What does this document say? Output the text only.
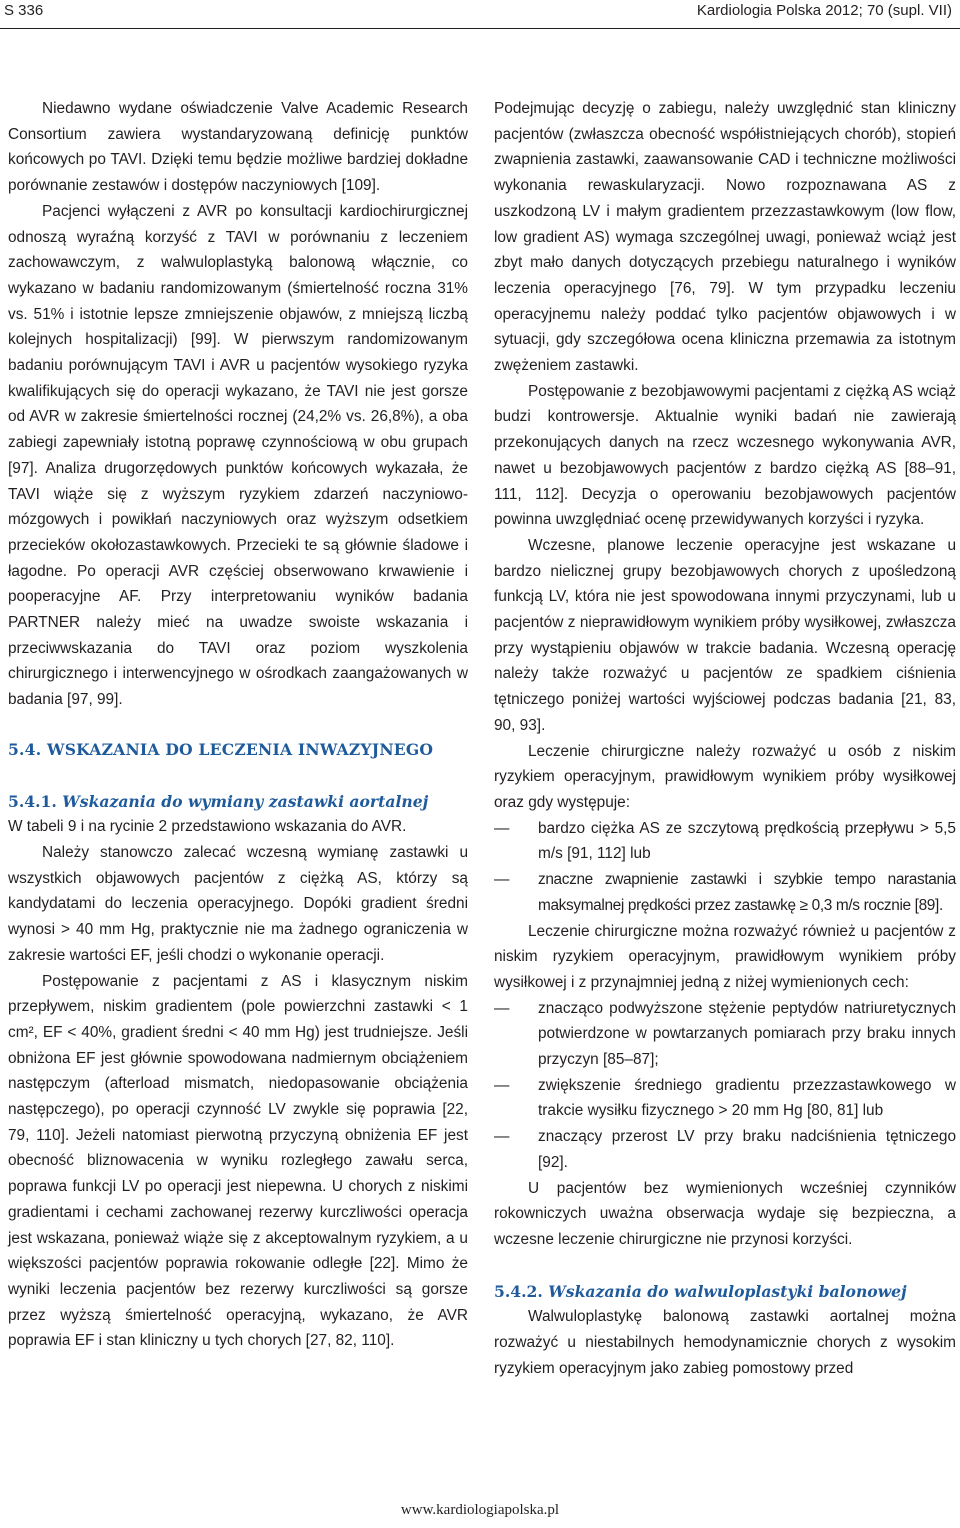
S 336	Kardiologia Polska 2012; 70 (supl. VII)

Niedawno wydane oświadczenie Valve Academic Research Consortium zawiera wystandaryzowaną definicję punktów końcowych po TAVI. Dzięki temu będzie możliwe bardziej dokładne porównanie zestawów i dostępów naczyniowych [109].

Pacjenci wyłączeni z AVR po konsultacji kardiochirurgicznej odnoszą wyraźną korzyść z TAVI w porównaniu z leczeniem zachowawczym, z walwuloplastyką balonową włącznie, co wykazano w badaniu randomizowanym (śmiertelność roczna 31% vs. 51% i istotnie lepsze zmniejszenie objawów, z mniejszą liczbą kolejnych hospitalizacji) [99]. W pierwszym randomizowanym badaniu porównującym TAVI i AVR u pacjentów wysokiego ryzyka kwalifikujących się do operacji wykazano, że TAVI nie jest gorsze od AVR w zakresie śmiertelności rocznej (24,2% vs. 26,8%), a oba zabiegi zapewniały istotną poprawę czynnościową w obu grupach [97]. Analiza drugorzędowych punktów końcowych wykazała, że TAVI wiąże się z wyższym ryzykiem zdarzeń naczyniowo-mózgowych i powikłań naczyniowych oraz wyższym odsetkiem przecieków okołozastawkowych. Przecieki te są głównie śladowe i łagodne. Po operacji AVR częściej obserwowano krwawienie i pooperacyjne AF. Przy interpretowaniu wyników badania PARTNER należy mieć na uwadze swoiste wskazania i przeciwwskazania do TAVI oraz poziom wyszkolenia chirurgicznego i interwencyjnego w ośrodkach zaangażowanych w badania [97, 99].

5.4. WSKAZANIA DO LECZENIA INWAZYJNEGO

5.4.1. Wskazania do wymiany zastawki aortalnej

W tabeli 9 i na rycinie 2 przedstawiono wskazania do AVR.

Należy stanowczo zalecać wczesną wymianę zastawki u wszystkich objawowych pacjentów z ciężką AS, którzy są kandydatami do leczenia operacyjnego. Dopóki gradient średni wynosi > 40 mm Hg, praktycznie nie ma żadnego ograniczenia w zakresie wartości EF, jeśli chodzi o wykonanie operacji.

Postępowanie z pacjentami z AS i klasycznym niskim przepływem, niskim gradientem (pole powierzchni zastawki < 1 cm², EF < 40%, gradient średni < 40 mm Hg) jest trudniejsze. Jeśli obniżona EF jest głównie spowodowana nadmiernym obciążeniem następczym (afterload mismatch, niedopasowanie obciążenia następczego), po operacji czynność LV zwykle się poprawia [22, 79, 110]. Jeżeli natomiast pierwotną przyczyną obniżenia EF jest obecność bliznowacenia w wyniku rozległego zawału serca, poprawa funkcji LV po operacji jest niepewna. U chorych z niskimi gradientami i cechami zachowanej rezerwy kurczliwości operacja jest wskazana, ponieważ wiąże się z akceptowalnym ryzykiem, a u większości pacjentów poprawia rokowanie odległe [22]. Mimo że wyniki leczenia pacjentów bez rezerwy kurczliwości są gorsze przez wyższą śmiertelność operacyjną, wykazano, że AVR poprawia EF i stan kliniczny u tych chorych [27, 82, 110].

Podejmując decyzję o zabiegu, należy uwzględnić stan kliniczny pacjentów (zwłaszcza obecność współistniejących chorób), stopień zwapnienia zastawki, zaawansowanie CAD i techniczne możliwości wykonania rewaskularyzacji. Nowo rozpoznawana AS z uszkodzoną LV i małym gradientem przezzastawkowym (low flow, low gradient AS) wymaga szczególnej uwagi, ponieważ wciąż jest zbyt mało danych dotyczących przebiegu naturalnego i wyników leczenia operacyjnego [76, 79]. W tym przypadku leczeniu operacyjnemu należy poddać tylko pacjentów objawowych i w sytuacji, gdy szczegółowa ocena kliniczna przemawia za istotnym zwężeniem zastawki.

Postępowanie z bezobjawowymi pacjentami z ciężką AS wciąż budzi kontrowersje. Aktualnie wyniki badań nie zawierają przekonujących danych na rzecz wczesnego wykonywania AVR, nawet u bezobjawowych pacjentów z bardzo ciężką AS [88–91, 111, 112]. Decyzja o operowaniu bezobjawowych pacjentów powinna uwzględniać ocenę przewidywanych korzyści i ryzyka.

Wczesne, planowe leczenie operacyjne jest wskazane u bardzo nielicznej grupy bezobjawowych chorych z upośledzoną funkcją LV, która nie jest spowodowana innymi przyczynami, lub u pacjentów z nieprawidłowym wynikiem próby wysiłkowej, zwłaszcza przy wystąpieniu objawów w trakcie badania. Wczesną operację należy także rozważyć u pacjentów ze spadkiem ciśnienia tętniczego poniżej wartości wyjściowej podczas badania [21, 83, 90, 93].

Leczenie chirurgiczne należy rozważyć u osób z niskim ryzykiem operacyjnym, prawidłowym wynikiem próby wysiłkowej oraz gdy występuje:

—	bardzo ciężka AS ze szczytową prędkością przepływu > 5,5 m/s [91, 112] lub
—	znaczne zwapnienie zastawki i szybkie tempo narastania maksymalnej prędkości przez zastawkę ≥ 0,3 m/s rocznie [89].

Leczenie chirurgiczne można rozważyć również u pacjentów z niskim ryzykiem operacyjnym, prawidłowym wynikiem próby wysiłkowej i z przynajmniej jedną z niżej wymienionych cech:

—	znacząco podwyższone stężenie peptydów natriuretycznych potwierdzone w powtarzanych pomiarach przy braku innych przyczyn [85–87];
—	zwiększenie średniego gradientu przezzastawkowego w trakcie wysiłku fizycznego > 20 mm Hg [80, 81] lub
—	znaczący przerost LV przy braku nadciśnienia tętniczego [92].

U pacjentów bez wymienionych wcześniej czynników rokowniczych uważna obserwacja wydaje się bezpieczna, a wczesne leczenie chirurgiczne nie przynosi korzyści.

5.4.2. Wskazania do walwuloplastyki balonowej

Walwuloplastykę balonową zastawki aortalnej można rozważyć u niestabilnych hemodynamicznie chorych z wysokim ryzykiem operacyjnym jako zabieg pomostowy przed

www.kardiologiapolska.pl
